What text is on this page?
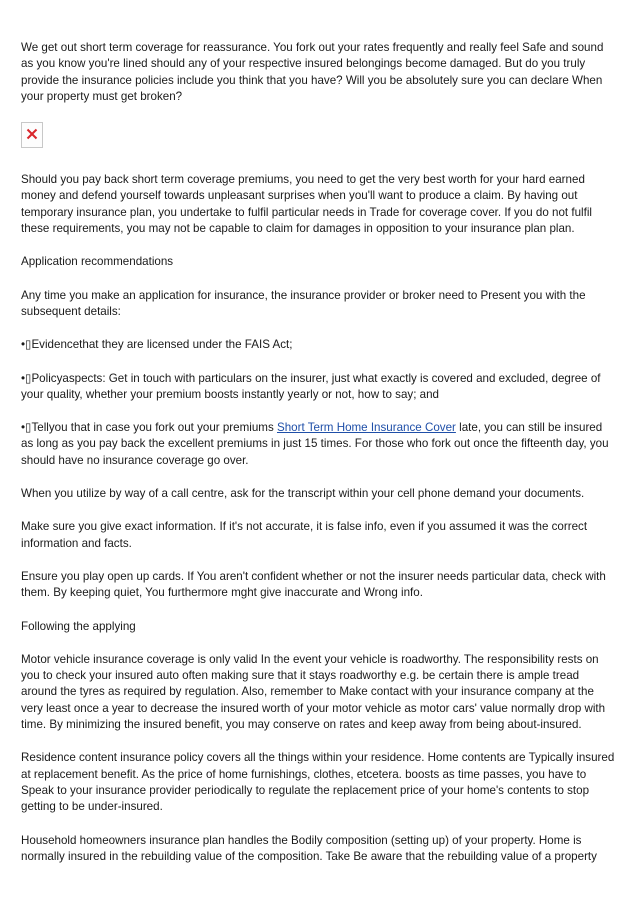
We get out short term coverage for reassurance. You fork out your rates frequently and really feel Safe and sound as you know you're lined should any of your respective insured belongings become damaged. But do you truly provide the insurance policies include you think that you have? Will you be absolutely sure you can declare When your property must get broken?

Should you pay back short term coverage premiums, you need to get the very best worth for your hard earned money and defend yourself towards unpleasant surprises when you'll want to produce a claim. By having out temporary insurance plan, you undertake to fulfil particular needs in Trade for coverage cover. If you do not fulfil these requirements, you may not be capable to claim for damages in opposition to your insurance plan plan.

Application recommendations

Any time you make an application for insurance, the insurance provider or broker need to Present you with the subsequent details:

•▯Evidencethat they are licensed under the FAIS Act;

•▯Policyaspects: Get in touch with particulars on the insurer, just what exactly is covered and excluded, degree of your quality, whether your premium boosts instantly yearly or not, how to say; and

•▯Tellyou that in case you fork out your premiums Short Term Home Insurance Cover late, you can still be insured as long as you pay back the excellent premiums in just 15 times. For those who fork out once the fifteenth day, you should have no insurance coverage go over.

When you utilize by way of a call centre, ask for the transcript within your cell phone demand your documents.

Make sure you give exact information. If it's not accurate, it is false info, even if you assumed it was the correct information and facts.

Ensure you play open up cards. If You aren't confident whether or not the insurer needs particular data, check with them. By keeping quiet, You furthermore mght give inaccurate and Wrong info.

Following the applying

Motor vehicle insurance coverage is only valid In the event your vehicle is roadworthy. The responsibility rests on you to check your insured auto often making sure that it stays roadworthy e.g. be certain there is ample tread around the tyres as required by regulation. Also, remember to Make contact with your insurance company at the very least once a year to decrease the insured worth of your motor vehicle as motor cars' value normally drop with time. By minimizing the insured benefit, you may conserve on rates and keep away from being about-insured.

Residence content insurance policy covers all the things within your residence. Home contents are Typically insured at replacement benefit. As the price of home furnishings, clothes, etcetera. boosts as time passes, you have to Speak to your insurance provider periodically to regulate the replacement price of your home's contents to stop getting to be under-insured.

Household homeowners insurance plan handles the Bodily composition (setting up) of your property. Home is normally insured in the rebuilding value of the composition. Take Be aware that the rebuilding value of a property
